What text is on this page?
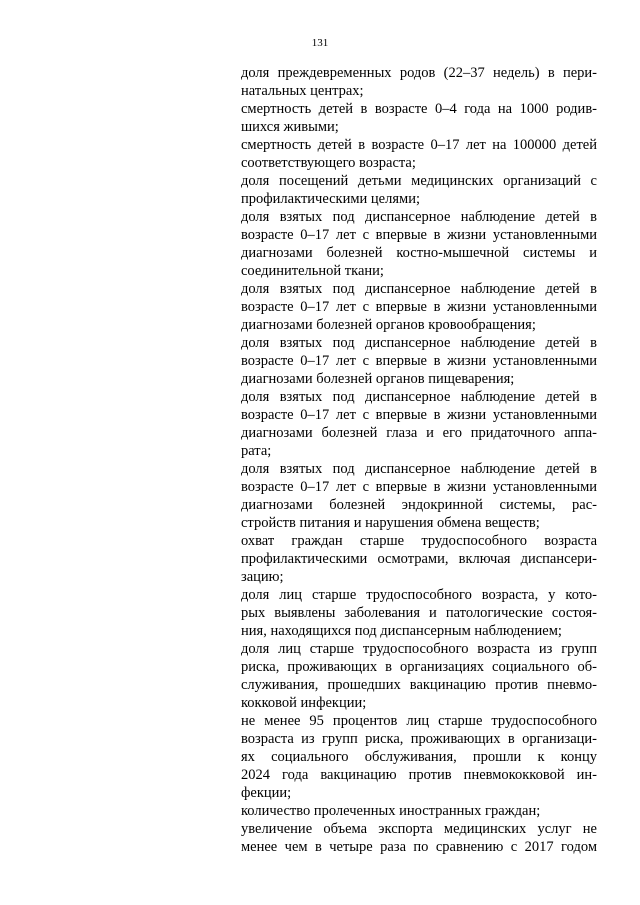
131

доля преждевременных родов (22–37 недель) в пери-
натальных центрах;

смертность детей в возрасте 0–4 года на 1000 родив-
шихся живыми;

смертность детей в возрасте 0–17 лет на 100000 детей
соответствующего возраста;

доля посещений детьми медицинских организаций с
профилактическими целями;

доля взятых под диспансерное наблюдение детей в
возрасте 0–17 лет с впервые в жизни установленными
диагнозами болезней костно-мышечной системы и
соединительной ткани;

доля взятых под диспансерное наблюдение детей в
возрасте 0–17 лет с впервые в жизни установленными
диагнозами болезней органов кровообращения;

доля взятых под диспансерное наблюдение детей в
возрасте 0–17 лет с впервые в жизни установленными
диагнозами болезней органов пищеварения;

доля взятых под диспансерное наблюдение детей в
возрасте 0–17 лет с впервые в жизни установленными
диагнозами болезней глаза и его придаточного аппа-
рата;

доля взятых под диспансерное наблюдение детей в
возрасте 0–17 лет с впервые в жизни установленными
диагнозами болезней эндокринной системы, рас-
стройств питания и нарушения обмена веществ;

охват граждан старше трудоспособного возраста
профилактическими осмотрами, включая диспансери-
зацию;

доля лиц старше трудоспособного возраста, у кото-
рых выявлены заболевания и патологические состоя-
ния, находящихся под диспансерным наблюдением;

доля лиц старше трудоспособного возраста из групп
риска, проживающих в организациях социального об-
служивания, прошедших вакцинацию против пневмо-
кокковой инфекции;

не менее 95 процентов лиц старше трудоспособного
возраста из групп риска, проживающих в организаци-
ях социального обслуживания, прошли к концу
2024 года вакцинацию против пневмококковой ин-
фекции;

количество пролеченных иностранных граждан;

увеличение объема экспорта медицинских услуг не
менее чем в четыре раза по сравнению с 2017 годом
